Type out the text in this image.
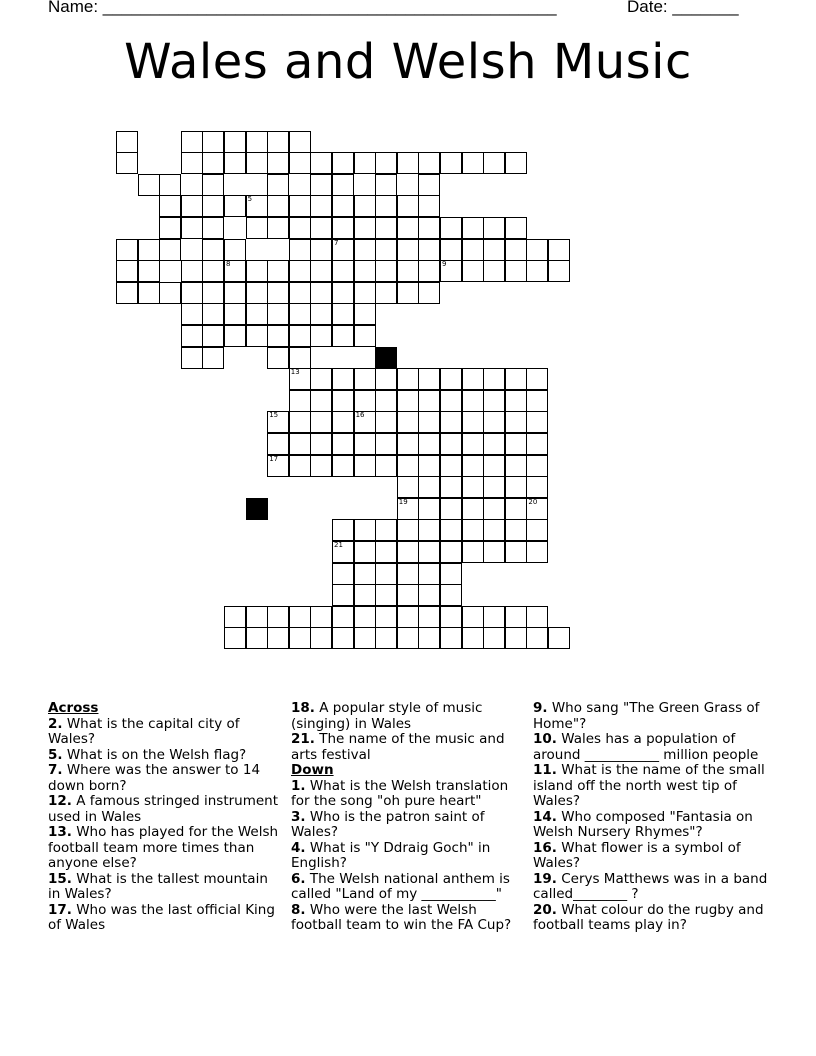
Name: ________________________________________________	Date: _______
Wales and Welsh Music
5
7
8	9
13
15	16
17
19	20
21
18
Across
2. What is the capital city of Wales?
5. What is on the Welsh flag?
7. Where was the answer to 14 down born?
12. A famous stringed instrument used in Wales
13. Who has played for the Welsh football team more times than anyone else?
15. What is the tallest mountain in Wales?
17. Who was the last official King of Wales
18. A popular style of music (singing) in Wales
21. The name of the music and arts festival
Down
1. What is the Welsh translation for the song "oh pure heart"
3. Who is the patron saint of Wales?
4. What is "Y Ddraig Goch" in English?
6. The Welsh national anthem is called "Land of my ___________"
8. Who were the last Welsh football team to win the FA Cup?
9. Who sang "The Green Grass of Home"?
10. Wales has a population of around ___________ million people
11. What is the name of the small island off the north west tip of Wales?
14. Who composed "Fantasia on Welsh Nursery Rhymes"?
16. What flower is a symbol of Wales?
19. Cerys Matthews was in a band called________ ?
20. What colour do the rugby and football teams play in?
